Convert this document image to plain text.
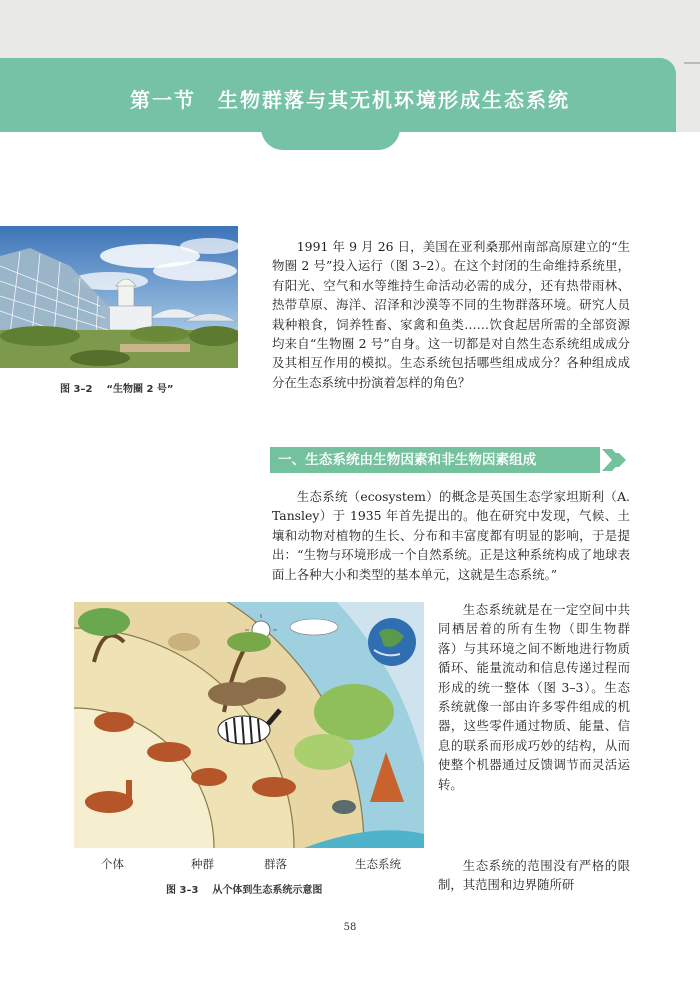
第一节 生物群落与其无机环境形成生态系统
图 3–2 “生物圈 2 号”

1991 年 9 月 26 日，美国在亚利桑那州南部高原建立的“生物圈 2 号”投入运行（图 3–2）。在这个封闭的生命维持系统里，有阳光、空气和水等维持生命活动必需的成分，还有热带雨林、热带草原、海洋、沼泽和沙漠等不同的生物群落环境。研究人员栽种粮食，饲养牲畜、家禽和鱼类……饮食起居所需的全部资源均来自“生物圈 2 号”自身。这一切都是对自然生态系统组成成分及其相互作用的模拟。生态系统包括哪些组成成分？各种组成成分在生态系统中扮演着怎样的角色？

一、生态系统由生物因素和非生物因素组成

生态系统（ecosystem）的概念是英国生态学家坦斯利（A. Tansley）于 1935 年首先提出的。他在研究中发现，气候、土壤和动物对植物的生长、分布和丰富度都有明显的影响，于是提出：“生物与环境形成一个自然系统。正是这种系统构成了地球表面上各种大小和类型的基本单元，这就是生态系统。”

生态系统就是在一定空间中共同栖居着的所有生物（即生物群落）与其环境之间不断地进行物质循环、能量流动和信息传递过程而形成的统一整体（图 3–3）。生态系统就像一部由许多零件组成的机器，这些零件通过物质、能量、信息的联系而形成巧妙的结构，从而使整个机器通过反馈调节而灵活运转。

生态系统的范围没有严格的限制，其范围和边界随所研

个体	种群	群落	生态系统
图 3–3 从个体到生态系统示意图
58
